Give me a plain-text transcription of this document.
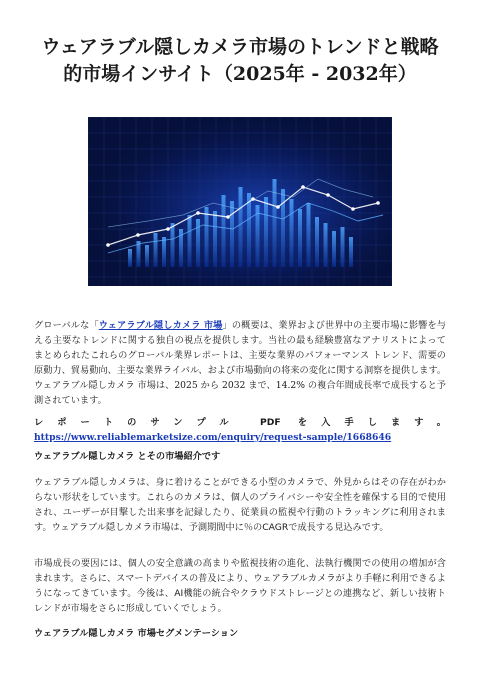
ウェアラブル隠しカメラ市場のトレンドと戦略
的市場インサイト（2025年 - 2032年）

グローバルな「ウェアラブル隠しカメラ 市場」の概要は、業界および世界中の主要市場に影響を与える主要なトレンドに関する独自の視点を提供します。当社の最も経験豊富なアナリストによってまとめられたこれらのグローバル業界レポートは、主要な業界のパフォーマンス トレンド、需要の原動力、貿易動向、主要な業界ライバル、および市場動向の将来の変化に関する洞察を提供します。ウェアラブル隠しカメラ 市場は、2025 から 2032 まで、14.2% の複合年間成長率で成長すると予測されています。

レポートのサンプル PDF を入手します。 https://www.reliablemarketsize.com/enquiry/request-sample/1668646

ウェアラブル隠しカメラ とその市場紹介です

ウェアラブル隠しカメラは、身に着けることができる小型のカメラで、外見からはその存在がわからない形状をしています。これらのカメラは、個人のプライバシーや安全性を確保する目的で使用され、ユーザーが目撃した出来事を記録したり、従業員の監視や行動のトラッキングに利用されます。ウェアラブル隠しカメラ市場は、予測期間中に％のCAGRで成長する見込みです。

市場成長の要因には、個人の安全意識の高まりや監視技術の進化、法執行機関での使用の増加が含まれます。さらに、スマートデバイスの普及により、ウェアラブルカメラがより手軽に利用できるようになってきています。今後は、AI機能の統合やクラウドストレージとの連携など、新しい技術トレンドが市場をさらに形成していくでしょう。

ウェアラブル隠しカメラ 市場セグメンテーション
